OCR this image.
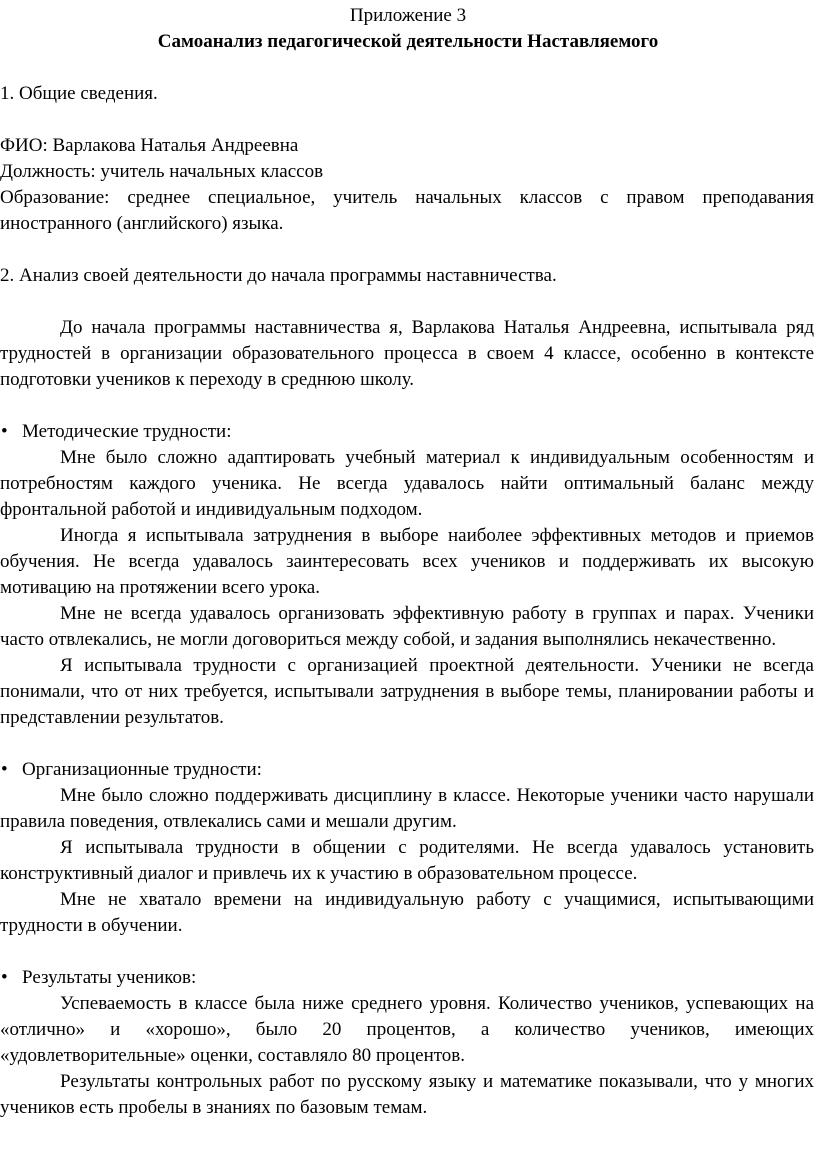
Приложение 3
Самоанализ педагогической деятельности Наставляемого

1. Общие сведения.

ФИО: Варлакова Наталья Андреевна

Должность: учитель начальных классов

Образование: среднее специальное, учитель начальных классов с правом преподавания иностранного (английского) языка.

2. Анализ своей деятельности до начала программы наставничества.

До начала программы наставничества я, Варлакова Наталья Андреевна, испытывала ряд трудностей в организации образовательного процесса в своем 4 классе, особенно в контексте подготовки учеников к переходу в среднюю школу.

• Методические трудности:

Мне было сложно адаптировать учебный материал к индивидуальным особенностям и потребностям каждого ученика. Не всегда удавалось найти оптимальный баланс между фронтальной работой и индивидуальным подходом.

Иногда я испытывала затруднения в выборе наиболее эффективных методов и приемов обучения. Не всегда удавалось заинтересовать всех учеников и поддерживать их высокую мотивацию на протяжении всего урока.

Мне не всегда удавалось организовать эффективную работу в группах и парах. Ученики часто отвлекались, не могли договориться между собой, и задания выполнялись некачественно.

Я испытывала трудности с организацией проектной деятельности. Ученики не всегда понимали, что от них требуется, испытывали затруднения в выборе темы, планировании работы и представлении результатов.

• Организационные трудности:

Мне было сложно поддерживать дисциплину в классе. Некоторые ученики часто нарушали правила поведения, отвлекались сами и мешали другим.

Я испытывала трудности в общении с родителями. Не всегда удавалось установить конструктивный диалог и привлечь их к участию в образовательном процессе.

Мне не хватало времени на индивидуальную работу с учащимися, испытывающими трудности в обучении.

• Результаты учеников:

Успеваемость в классе была ниже среднего уровня. Количество учеников, успевающих на «отлично» и «хорошо», было 20 процентов, а количество учеников, имеющих «удовлетворительные» оценки, составляло 80 процентов.

Результаты контрольных работ по русскому языку и математике показывали, что у многих учеников есть пробелы в знаниях по базовым темам.
